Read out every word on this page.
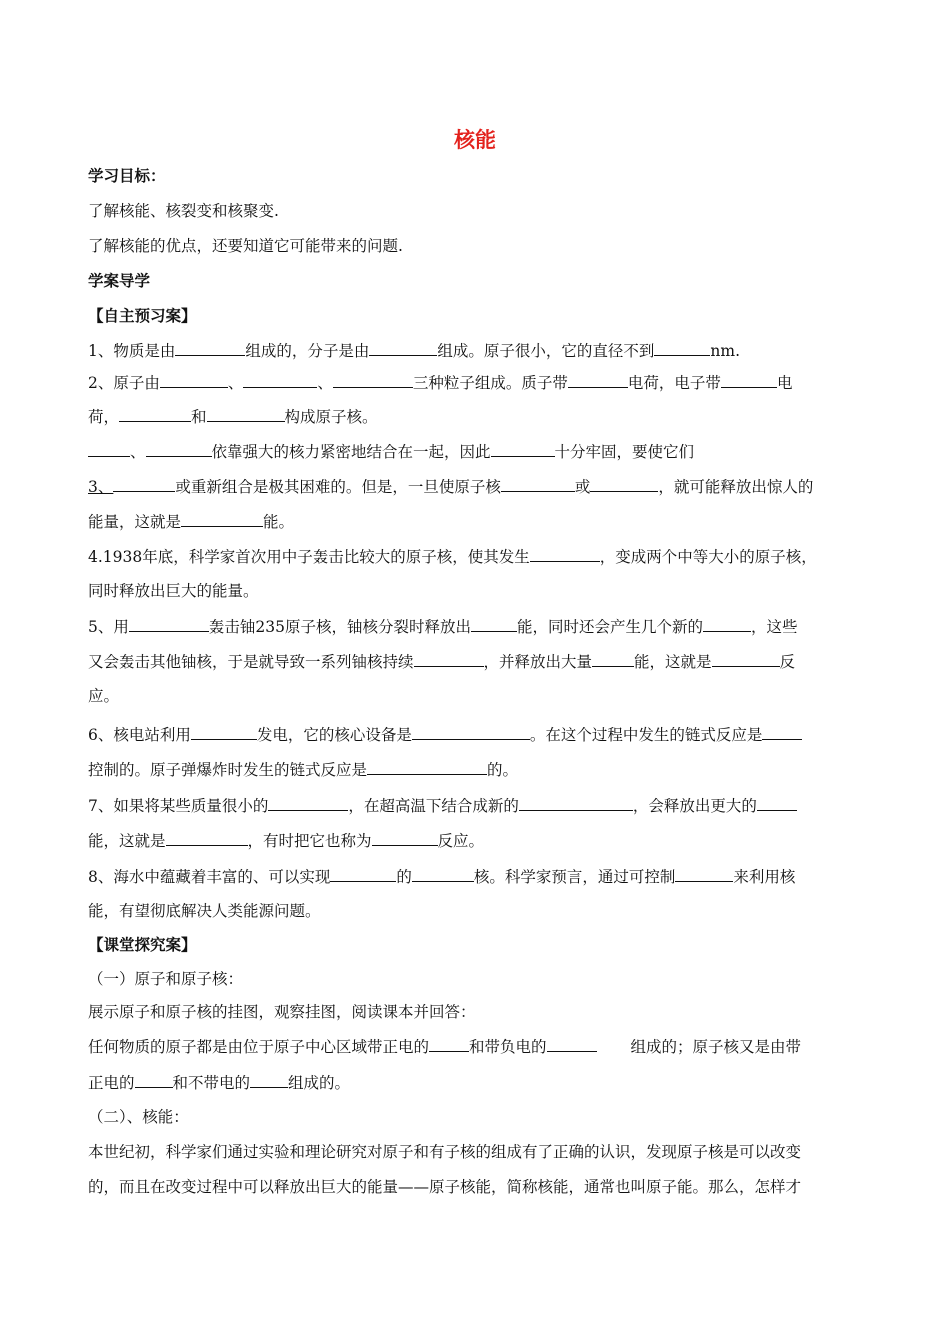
核能
学习目标：
了解核能、核裂变和核聚变.
了解核能的优点，还要知道它可能带来的问题.
学案导学
【自主预习案】
1、物质是由	组成的，分子是由	组成。原子很小，它的直径不到	nm.
2、原子由	、	、	三种粒子组成。质子带	电荷，电子带	电
荷，	和	构成原子核。
、	依靠强大的核力紧密地结合在一起，因此	十分牢固，要使它们
3、	或重新组合是极其困难的。但是，一旦使原子核	或	，就可能释放出惊人的
能量，这就是	能。
4.1938年底，科学家首次用中子轰击比较大的原子核，使其发生	，变成两个中等大小的原子核，
同时释放出巨大的能量。
5、用	轰击铀235原子核，铀核分裂时释放出	能，同时还会产生几个新的	，这些
又会轰击其他铀核，于是就导致一系列铀核持续	，并释放出大量	能，这就是	反
应。
6、核电站利用	发电，它的核心设备是	。在这个过程中发生的链式反应是
控制的。原子弹爆炸时发生的链式反应是	的。
7、如果将某些质量很小的	，在超高温下结合成新的	，会释放出更大的
能，这就是	，有时把它也称为	反应。
8、海水中蕴藏着丰富的、可以实现	的	核。科学家预言，通过可控制	来利用核
能，有望彻底解决人类能源问题。
【课堂探究案】
（一）原子和原子核：
展示原子和原子核的挂图，观察挂图，阅读课本并回答：
任何物质的原子都是由位于原子中心区域带正电的	和带负电的	组成的；原子核又是由带
正电的 和不带电的 组成的。
（二）、核能：
本世纪初，科学家们通过实验和理论研究对原子和有子核的组成有了正确的认识，发现原子核是可以改变
的，而且在改变过程中可以释放出巨大的能量——原子核能，简称核能，通常也叫原子能。那么，怎样才
